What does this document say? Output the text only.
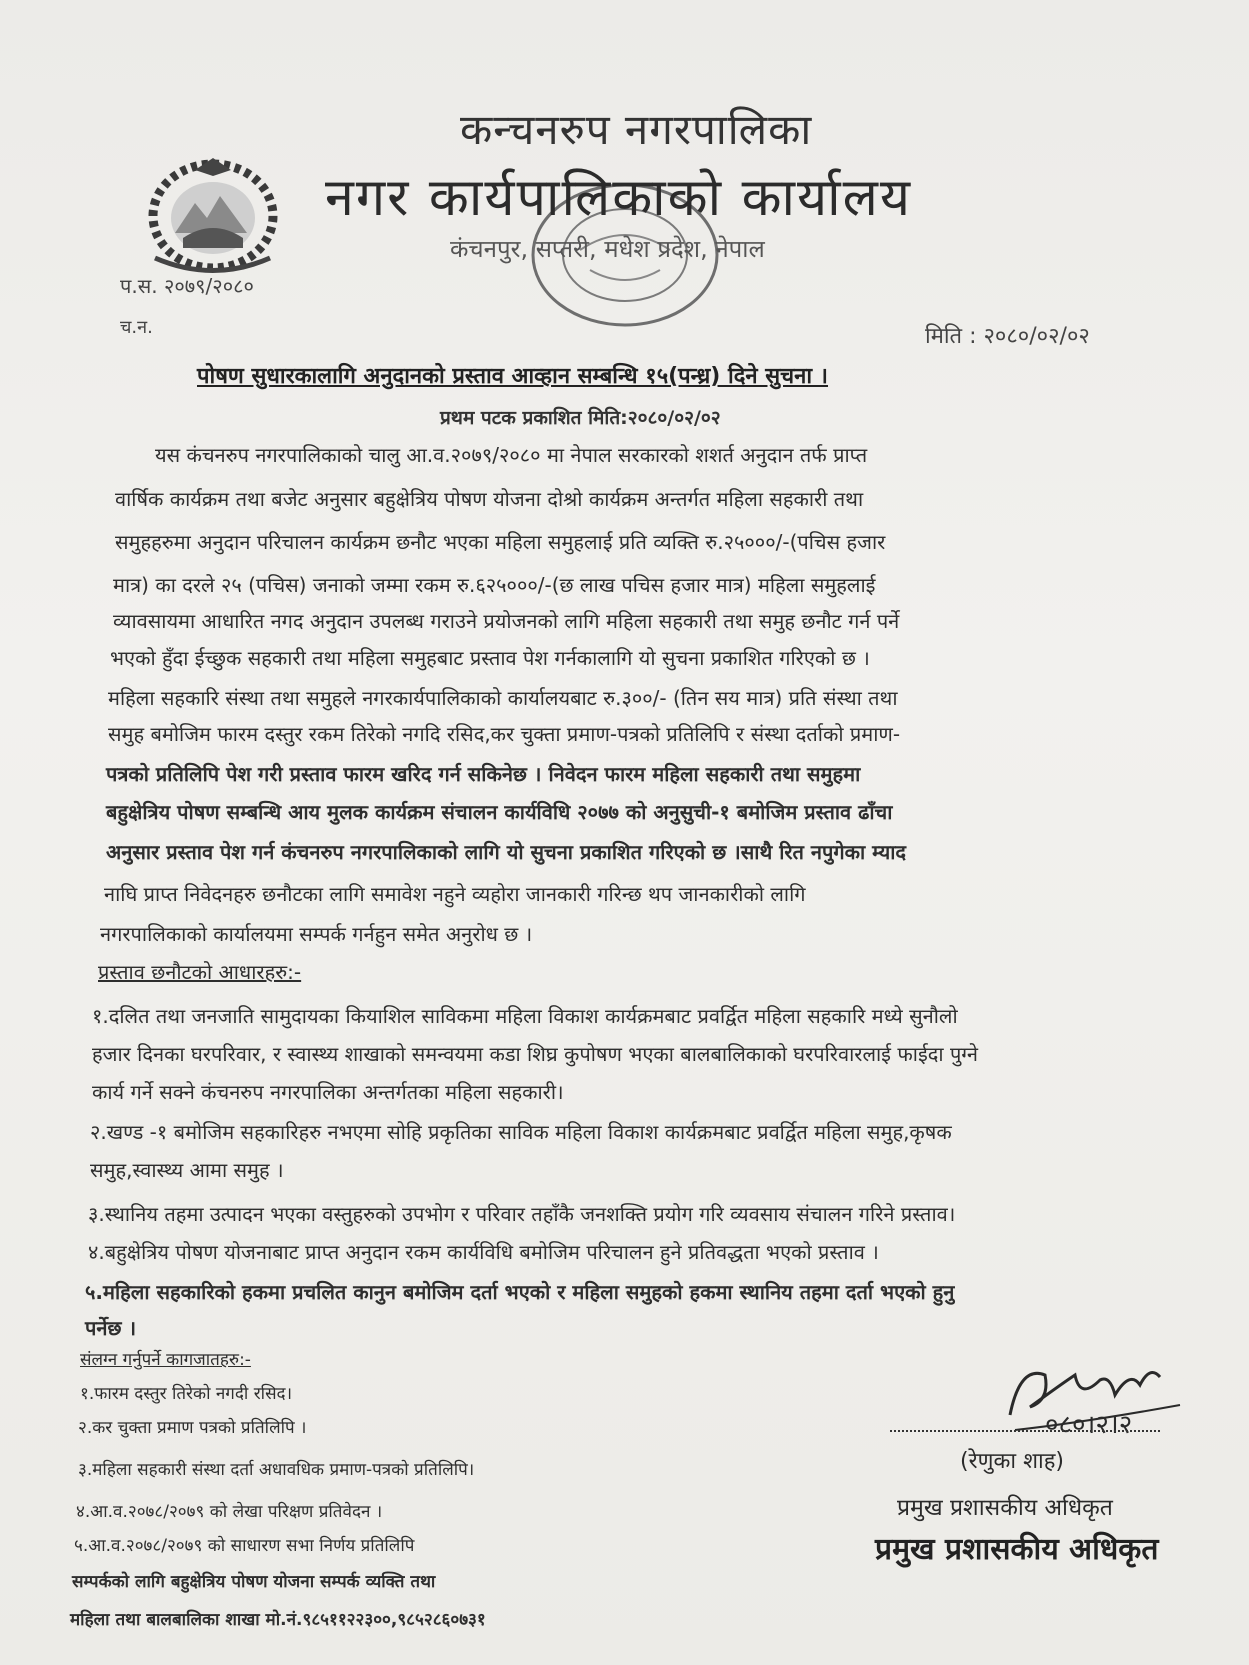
कन्चनरुप नगरपालिका
नगर कार्यपालिकाको कार्यालय
कंचनपुर, सप्तरी, मधेश प्रदेश, नेपाल
प.स. २०७९/२०८०
च.न.	मिति : २०८०/०२/०२
पोषण सुधारकालागि अनुदानको प्रस्ताव आव्हान सम्बन्धि १५(पन्ध्र) दिने सुचना ।
प्रथम पटक प्रकाशित मिति:२०८०/०२/०२
यस कंचनरुप नगरपालिकाको चालु आ.व.२०७९/२०८० मा नेपाल सरकारको शशर्त अनुदान तर्फ प्राप्त
वार्षिक कार्यक्रम तथा बजेट अनुसार बहुक्षेत्रिय पोषण योजना दोश्रो कार्यक्रम अन्तर्गत महिला सहकारी तथा
समुहहरुमा अनुदान परिचालन कार्यक्रम छनौट भएका महिला समुहलाई प्रति व्यक्ति रु.२५०००/-(पचिस हजार
मात्र) का दरले २५ (पचिस) जनाको जम्मा रकम रु.६२५०००/-(छ लाख पचिस हजार मात्र) महिला समुहलाई
व्यावसायमा आधारित नगद अनुदान उपलब्ध गराउने प्रयोजनको लागि महिला सहकारी तथा समुह छनौट गर्न पर्ने
भएको हुँदा ईच्छुक सहकारी तथा महिला समुहबाट प्रस्ताव पेश गर्नकालागि यो सुचना प्रकाशित गरिएको छ ।
महिला सहकारि संस्था तथा समुहले नगरकार्यपालिकाको कार्यालयबाट रु.३००/- (तिन सय मात्र) प्रति संस्था तथा
समुह बमोजिम फारम दस्तुर रकम तिरेको नगदि रसिद,कर चुक्ता प्रमाण-पत्रको प्रतिलिपि र संस्था दर्ताको प्रमाण-
पत्रको प्रतिलिपि पेश गरी प्रस्ताव फारम खरिद गर्न सकिनेछ । निवेदन फारम महिला सहकारी तथा समुहमा
बहुक्षेत्रिय पोषण सम्बन्धि आय मुलक कार्यक्रम संचालन कार्यविधि २०७७ को अनुसुची-१ बमोजिम प्रस्ताव ढाँचा
अनुसार प्रस्ताव पेश गर्न कंचनरुप नगरपालिकाको लागि यो सुचना प्रकाशित गरिएको छ ।साथै रित नपुगेका म्याद
नाघि प्राप्त निवेदनहरु छनौटका लागि समावेश नहुने व्यहोरा जानकारी गरिन्छ थप जानकारीको लागि
नगरपालिकाको कार्यालयमा सम्पर्क गर्नहुन समेत अनुरोध छ ।
प्रस्ताव छनौटको आधारहरु:-
१.दलित तथा जनजाति सामुदायका कियाशिल साविकमा महिला विकाश कार्यक्रमबाट प्रवर्द्वित महिला सहकारि मध्ये सुनौलो
हजार दिनका घरपरिवार, र स्वास्थ्य शाखाको समन्वयमा कडा शिघ्र कुपोषण भएका बालबालिकाको घरपरिवारलाई फाईदा पुग्ने
कार्य गर्ने सक्ने कंचनरुप नगरपालिका अन्तर्गतका महिला सहकारी।
२.खण्ड -१ बमोजिम सहकारिहरु नभएमा सोहि प्रकृतिका साविक महिला विकाश कार्यक्रमबाट प्रवर्द्वित महिला समुह,कृषक
समुह,स्वास्थ्य आमा समुह ।
३.स्थानिय तहमा उत्पादन भएका वस्तुहरुको उपभोग र परिवार तहाँकै जनशक्ति प्रयोग गरि व्यवसाय संचालन गरिने प्रस्ताव।
४.बहुक्षेत्रिय पोषण योजनाबाट प्राप्त अनुदान रकम कार्यविधि बमोजिम परिचालन हुने प्रतिवद्धता भएको प्रस्ताव ।
५.महिला सहकारिको हकमा प्रचलित कानुन बमोजिम दर्ता भएको र महिला समुहको हकमा स्थानिय तहमा दर्ता भएको हुनु
पर्नेछ ।
संलग्न गर्नुपर्ने कागजातहरु:-
१.फारम दस्तुर तिरेको नगदी रसिद।
२.कर चुक्ता प्रमाण पत्रको प्रतिलिपि ।
३.महिला सहकारी संस्था दर्ता अधावधिक प्रमाण-पत्रको प्रतिलिपि।
४.आ.व.२०७८/२०७९ को लेखा परिक्षण प्रतिवेदन ।
५.आ.व.२०७८/२०७९ को साधारण सभा निर्णय प्रतिलिपि
सम्पर्कको लागि बहुक्षेत्रिय पोषण योजना सम्पर्क व्यक्ति तथा
महिला तथा बालबालिका शाखा मो.नं.९८५११२२३००,९८५२८६०७३१
०८०।२।२
(रेणुका शाह)
प्रमुख प्रशासकीय अधिकृत
प्रमुख प्रशासकीय अधिकृत
